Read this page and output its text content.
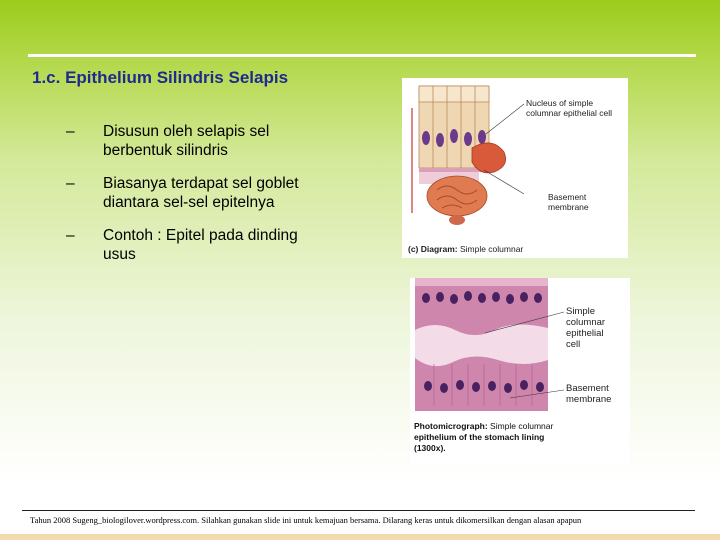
1.c. Epithelium Silindris Selapis
– Disusun oleh selapis sel
berbentuk silindris
– Biasanya terdapat sel goblet
diantara sel-sel epitelnya
– Contoh : Epitel pada dinding
usus
Nucleus of simple
columnar epithelial cell
Basement
membrane
(c) Diagram: Simple columnar
Simple
columnar
epithelial
cell
Basement
membrane
Photomicrograph: Simple columnar
epithelium of the stomach lining
(1300x).
Tahun 2008 Sugeng_biologilover.wordpress.com. Silahkan gunakan slide ini untuk kemajuan bersama. Dilarang keras untuk dikomersilkan dengan alasan apapun
